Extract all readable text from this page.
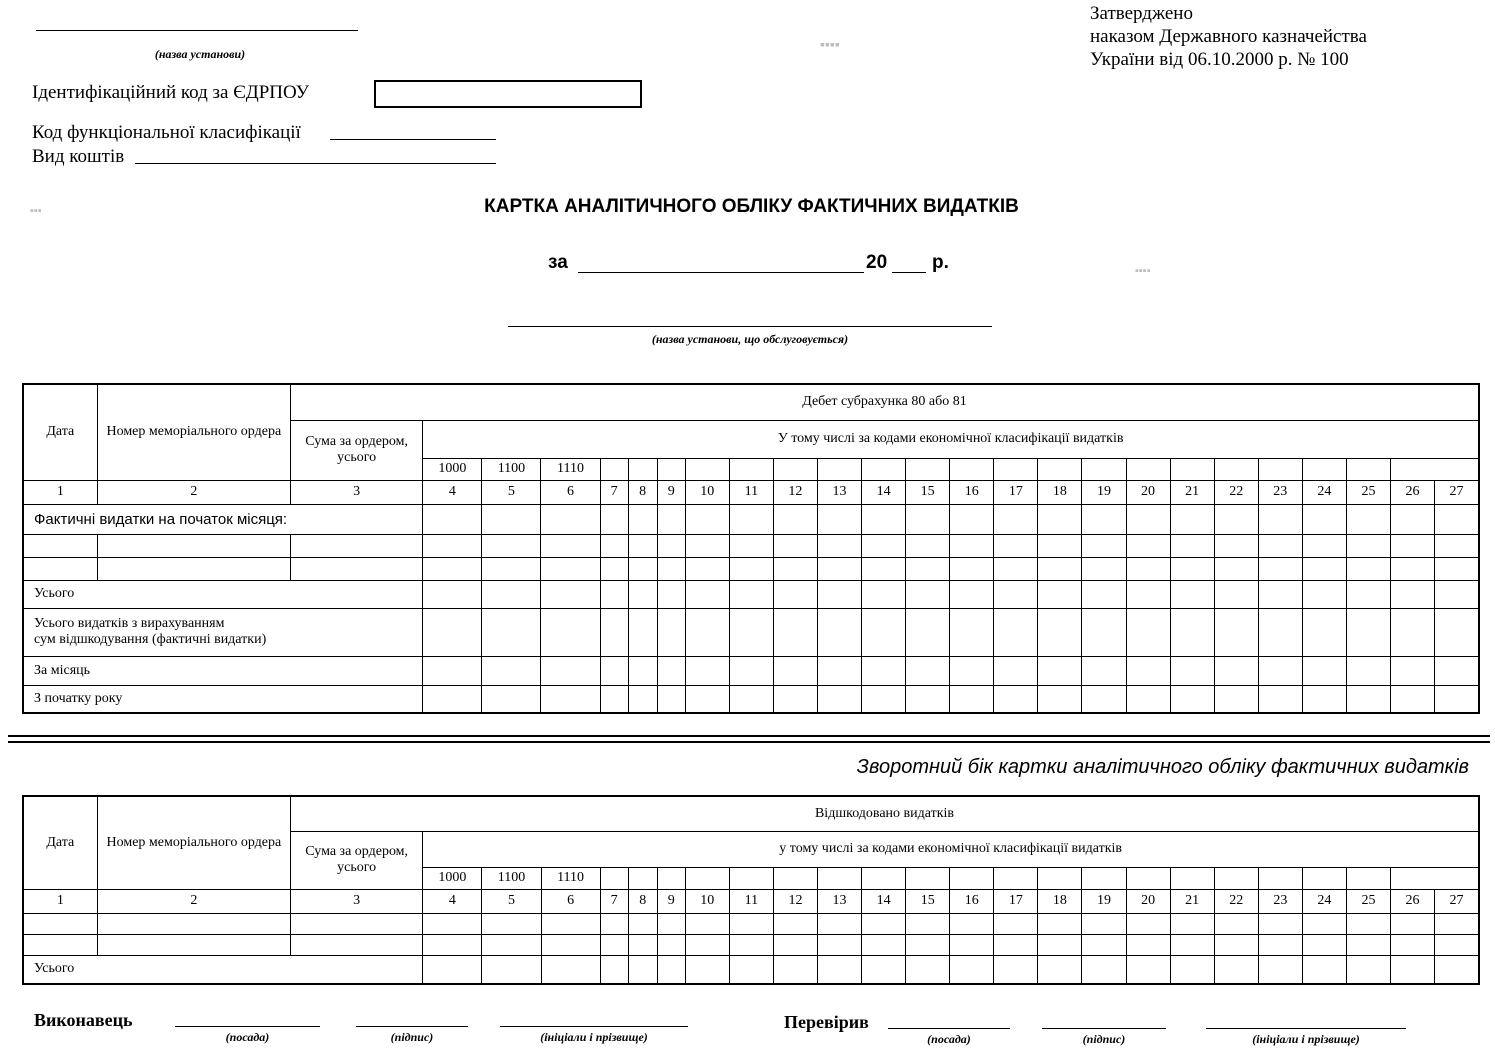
(назва установи)
Затверджено
наказом Державного казначейства
України від 06.10.2000 р. № 100
Ідентифікаційний код за ЄДРПОУ
Код функціональної класифікації
Вид коштів
▪▪▪▪
▪▪▪
▪▪▪▪
КАРТКА АНАЛІТИЧНОГО ОБЛІКУ ФАКТИЧНИХ ВИДАТКІВ
за	20 р.
(назва установи, що обслуговується)
Дата	Номер меморіального ордера	Дебет субрахунка 80 або 81																								
		Сума за ордером, усього	У тому числі за кодами економічної класифікації видатків																							
			1000	1100	1110																					
1	2	3	4	5	6	7	8	9	10	11	12	13	14	15	16	17	18	19	20	21	22	23	24	25	26	27
Фактичні видатки на початок місяця:																										

Усього																										

Усього видатків з вирахуванням
сум відшкодування (фактичні видатки)																										

За місяць																										
З початку року																										
Зворотний бік картки аналітичного обліку фактичних видатків
Дата	Номер меморіального ордера	Відшкодовано видатків																								
		Сума за ордером, усього	у тому числі за кодами економічної класифікації видатків																							
			1000	1100	1110																					
1	2	3	4	5	6	7	8	9	10	11	12	13	14	15	16	17	18	19	20	21	22	23	24	25	26	27

Усього																										
Виконавець
(посада)	(підпис)	(ініціали і прізвище)
Перевірив
(посада)	(підпис)	(ініціали і прізвище)
